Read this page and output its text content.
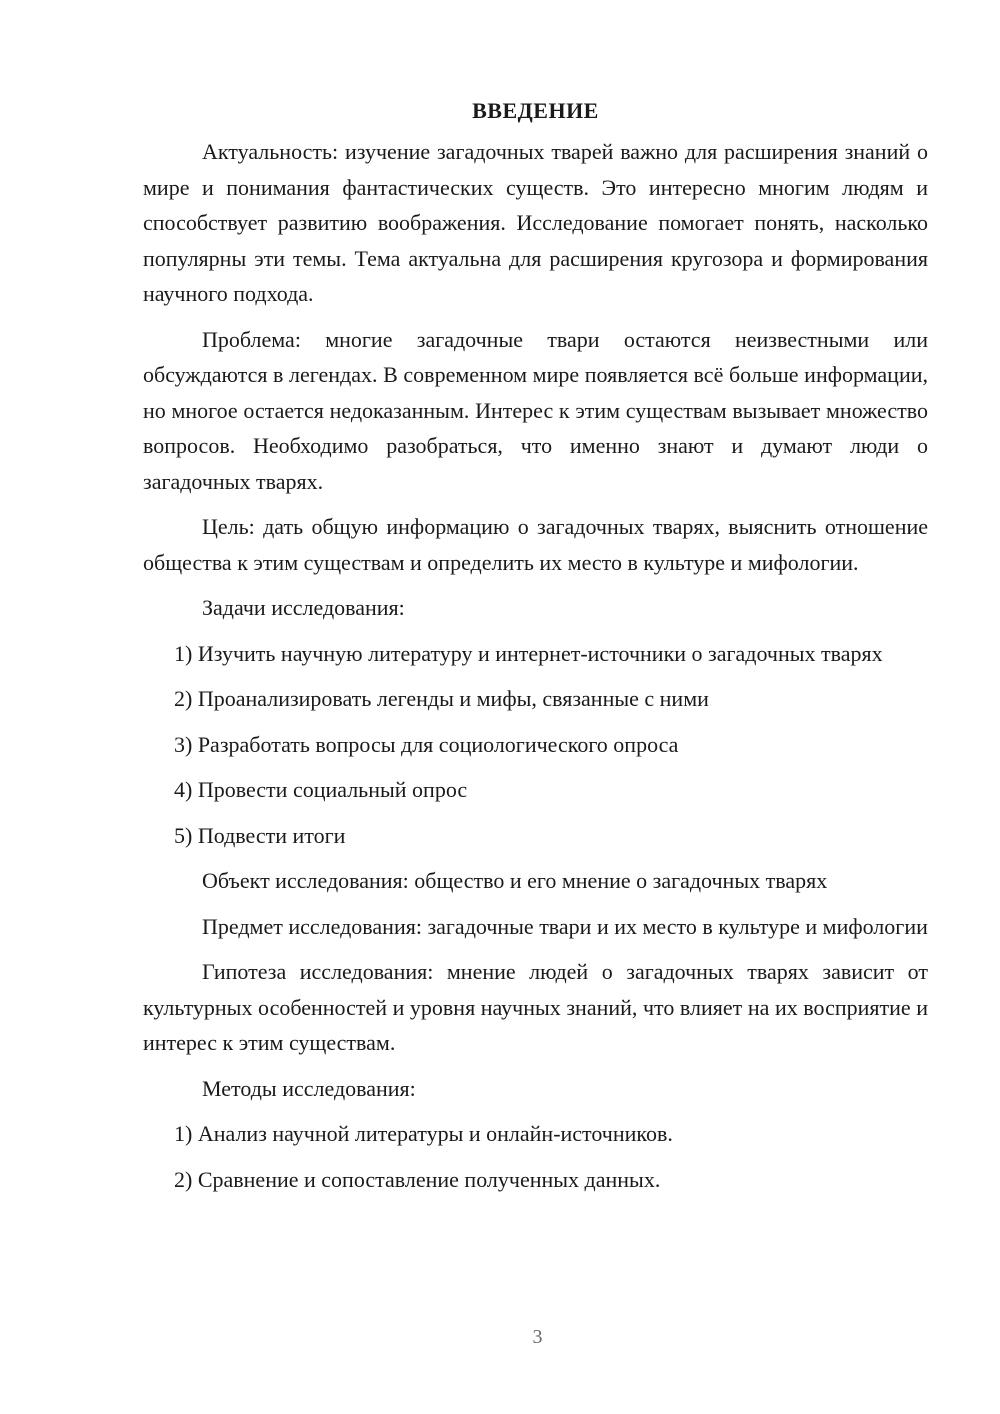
ВВЕДЕНИЕ

Актуальность: изучение загадочных тварей важно для расширения знаний о мире и понимания фантастических существ. Это интересно многим людям и способствует развитию воображения. Исследование помогает понять, насколько популярны эти темы. Тема актуальна для расширения кругозора и формирования научного подхода.

Проблема: многие загадочные твари остаются неизвестными или обсуждаются в легендах. В современном мире появляется всё больше информации, но многое остается недоказанным. Интерес к этим существам вызывает множество вопросов. Необходимо разобраться, что именно знают и думают люди о загадочных тварях.

Цель: дать общую информацию о загадочных тварях, выяснить отношение общества к этим существам и определить их место в культуре и мифологии.

Задачи исследования:

1) Изучить научную литературу и интернет-источники о загадочных тварях

2) Проанализировать легенды и мифы, связанные с ними

3) Разработать вопросы для социологического опроса

4) Провести социальный опрос

5) Подвести итоги

Объект исследования: общество и его мнение о загадочных тварях

Предмет исследования: загадочные твари и их место в культуре и мифологии

Гипотеза исследования: мнение людей о загадочных тварях зависит от культурных особенностей и уровня научных знаний, что влияет на их восприятие и интерес к этим существам.

Методы исследования:

1) Анализ научной литературы и онлайн-источников.

2) Сравнение и сопоставление полученных данных.

3
